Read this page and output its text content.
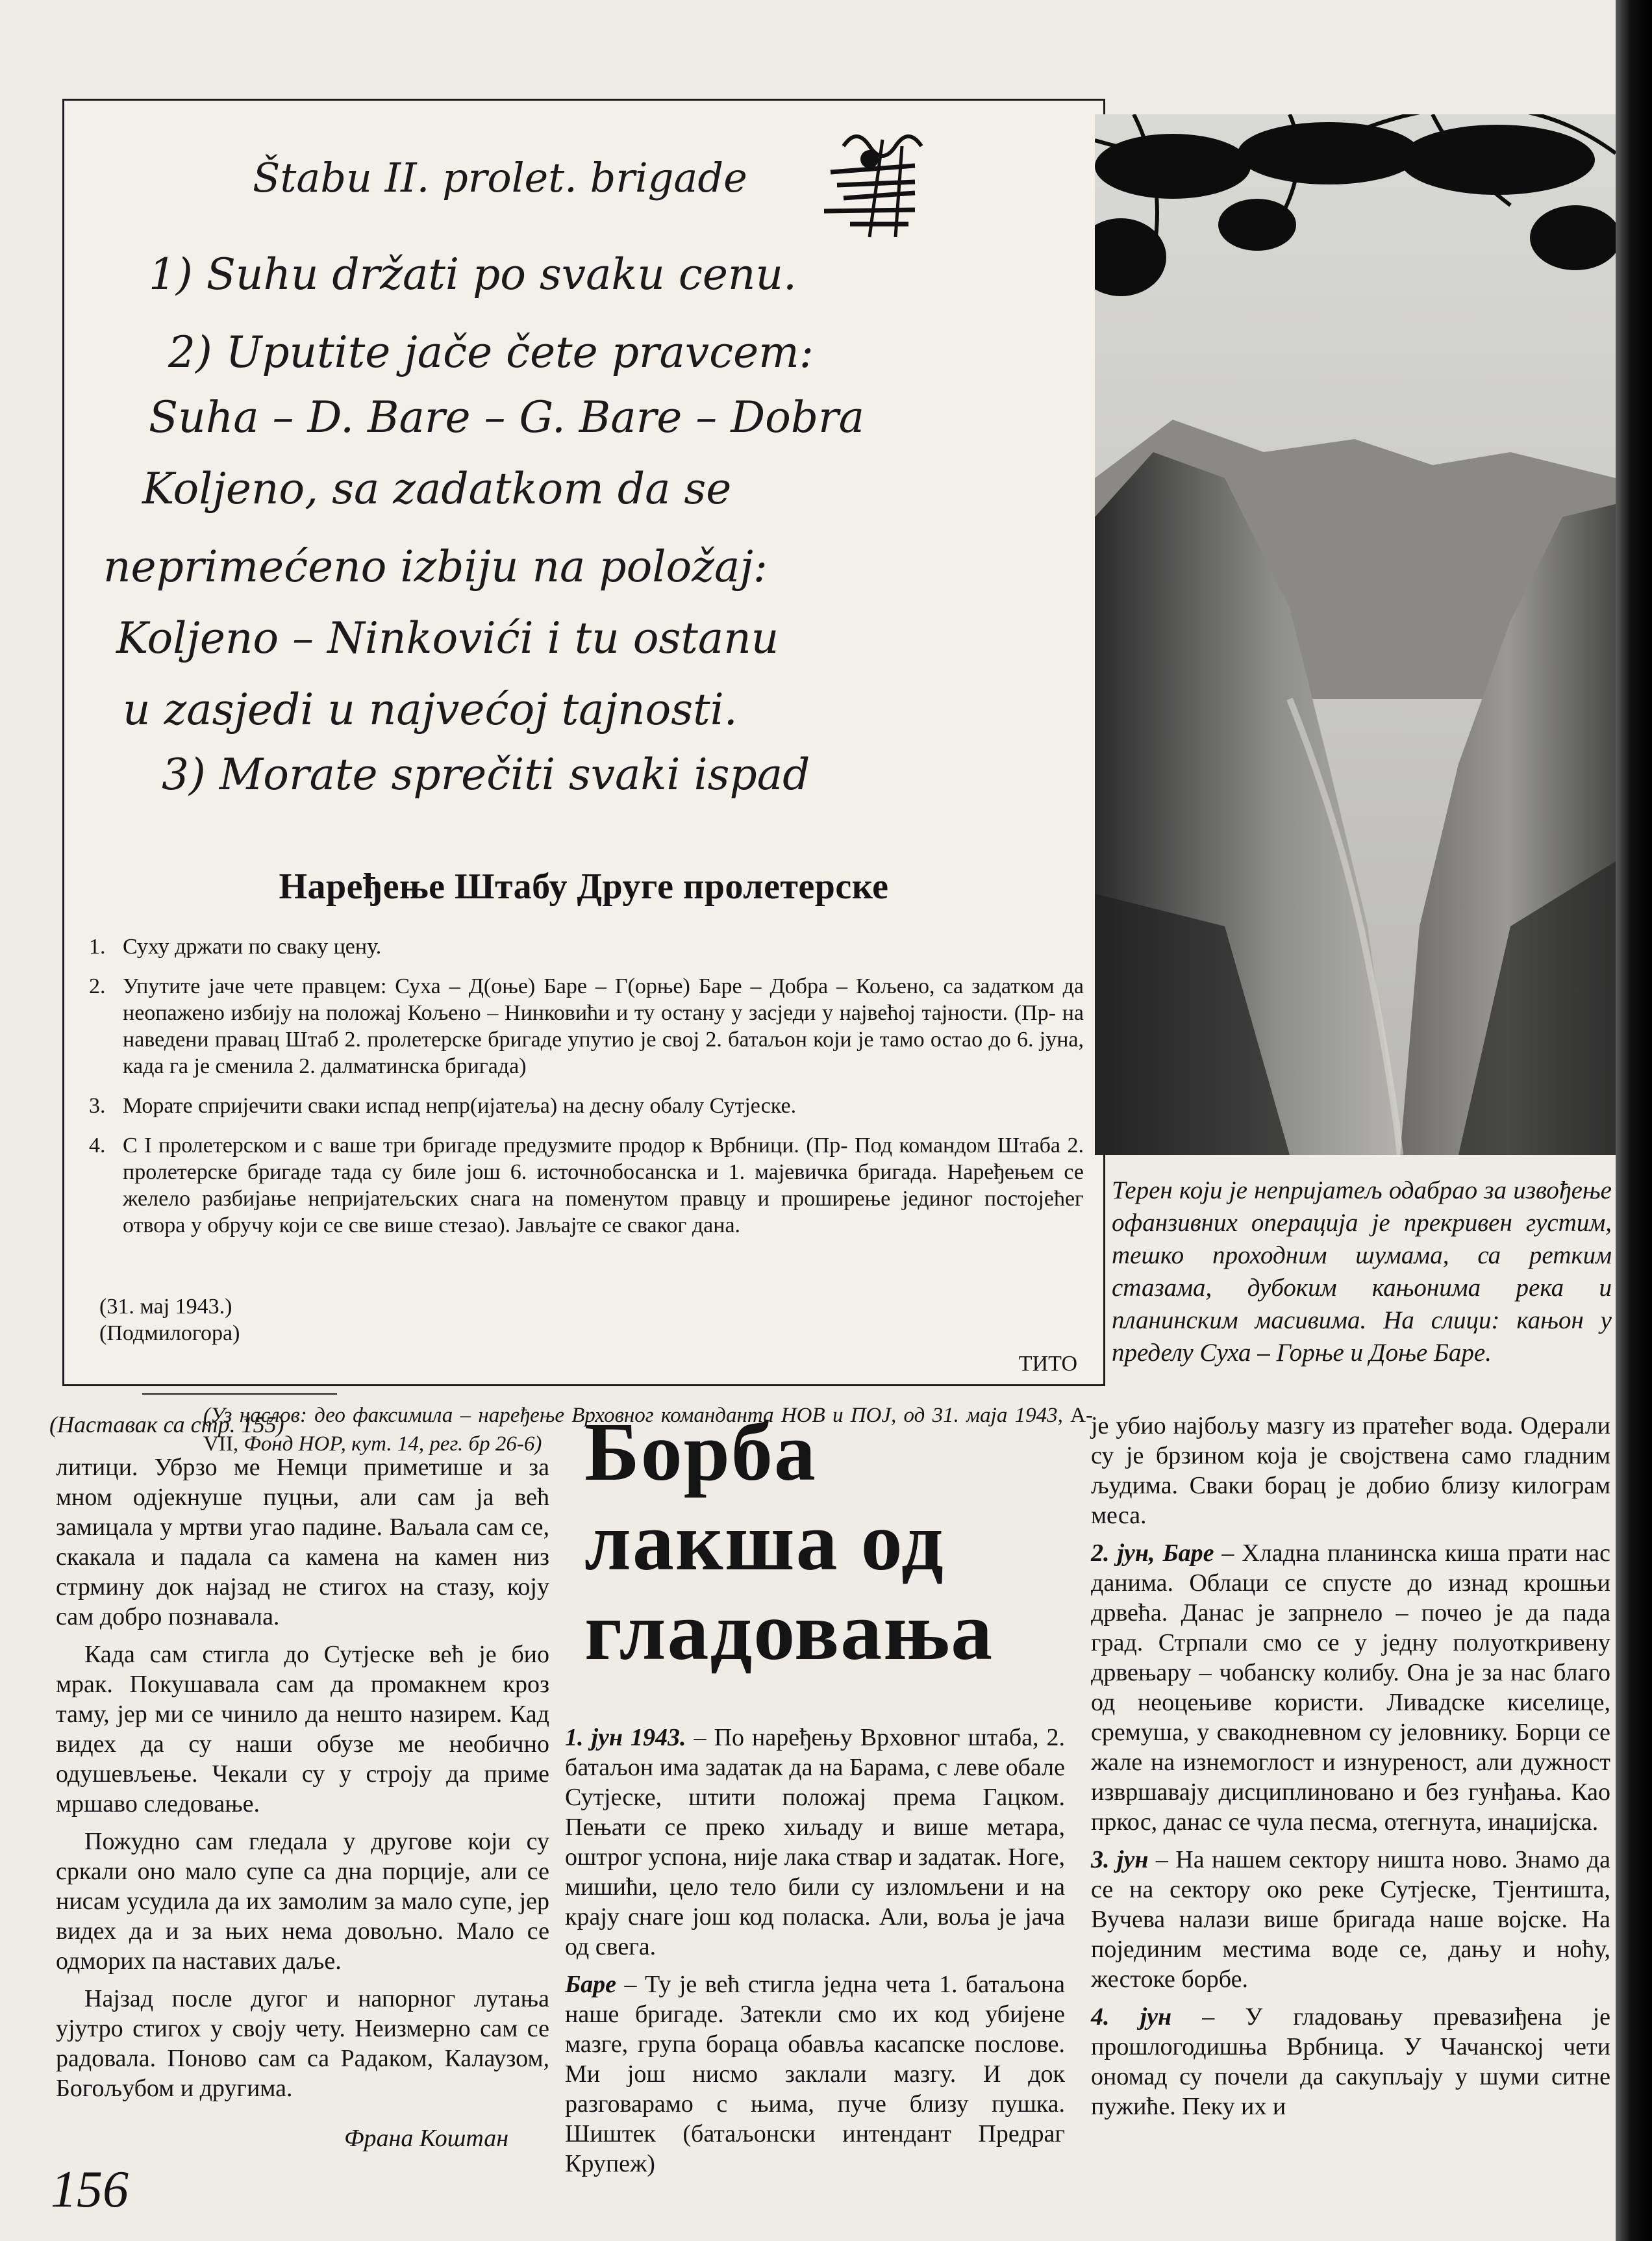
Štabu II. prolet. brigade
1) Suhu držati po svaku cenu.
2) Uputite jače čete pravcem:
Suha – D. Bare – G. Bare – Dobra
Kolјeno, sa zadatkom da se
neprimećeno izbiju na položaj:
Kolјeno – Ninkovići i tu ostanu
u zasjedi u najvećoj tajnosti.
3) Morate sprečiti svaki ispad
Наређење Штабу Друге пролетерске
1. Суху држати по сваку цену.
2. Упутите јаче чете правцем: Суха – Д(оње) Баре – Г(орње) Баре – Добра – Кољено, са задатком да неопажено избију на положај Кољено – Нинковићи и ту остану у засједи у највећој тајности. (Пр- на наведени правац Штаб 2. пролетерске бригаде упутио је свој 2. батаљон који је тамо остао до 6. јуна, када га је сменила 2. далматинска бригада)
3. Морате спријечити сваки испад непр(ијатеља) на десну обалу Сутјеске.
4. С I пролетерском и с ваше три бригаде предузмите продор к Врбници. (Пр- Под командом Штаба 2. пролетерске бригаде тада су биле још 6. источнобосанска и 1. мајевичка бригада. Наређењем се желело разбијање непријатељских снага на поменутом правцу и проширење јединог постојећег отвора у обручу који се све више стезао). Јављајте се сваког дана.
(31. мај 1943.)
(Подмилогора)
ТИТО
(Уз наслов: део факсимила – наређење Врховног команданта НОВ и ПОЈ, од 31. маја 1943, А-VII, Фонд НОР, кут. 14, рег. бр 26-6)
Терен који је непријатељ одабрао за извођење офанзивних операција је прекривен густим, тешко проходним шумама, са ретким стазама, дубоким кањонима река и планинским масивима. На слици: кањон у пределу Суха – Горње и Доње Баре.
(Наставак са стр. 155)

литици. Убрзо ме Немци приметише и за мном одјекнуше пуцњи, али сам ја већ замицала у мртви угао падине. Ваљала сам се, скакала и падала са камена на камен низ стрмину док најзад не стигох на стазу, коју сам добро познавала.

Када сам стигла до Сутјеске већ је био мрак. Покушавала сам да промакнем кроз таму, јер ми се чинило да нешто назирем. Кад видех да су наши обузе ме необично одушевљење. Чекали су у строју да приме мршаво следовање.

Пожудно сам гледала у другове који су сркали оно мало супе са дна порције, али се нисам усудила да их замолим за мало супе, јер видех да и за њих нема довољно. Мало се одморих па наставих даље.

Најзад после дугог и напорног лутања ујутро стигох у своју чету. Неизмерно сам се радовала. Поново сам са Радаком, Калаузом, Богољубом и другима.

Франа Коштан
156
Борба
лакша од
гладовања

1. јун 1943. – По наређењу Врховног штаба, 2. батаљон има задатак да на Барама, с леве обале Сутјеске, штити положај према Гацком. Пењати се преко хиљаду и више метара, оштрог успона, није лака ствар и задатак. Ноге, мишићи, цело тело били су изломљени и на крају снаге још код поласка. Али, воља је јача од свега.

Баре – Ту је већ стигла једна чета 1. батаљона наше бригаде. Затекли смо их код убијене мазге, група бораца обавља касапске послове. Ми још нисмо заклали мазгу. И док разговарамо с њима, пуче близу пушка. Шиштек (батаљонски интендант Предраг Крупеж)

је убио најбољу мазгу из пратећег вода. Одерали су је брзином која је својствена само гладним људима. Сваки борац је добио близу килограм меса.

2. јун, Баре – Хладна планинска киша прати нас данима. Облаци се спусте до изнад крошњи дрвећа. Данас је запрнело – почео је да пада град. Стрпали смо се у једну полуоткривену дрвењару – чобанску колибу. Она је за нас благо од неоцењиве користи. Ливадске киселице, сремуша, у свакодневном су јеловнику. Борци се жале на изнемоглост и изнуреност, али дужност извршавају дисциплиновано и без гунђања. Као пркос, данас се чула песма, отегнута, инаџијска.

3. јун – На нашем сектору ништа ново. Знамо да се на сектору око реке Сутјеске, Тјентишта, Вучева налази више бригада наше војске. На појединим местима воде се, дању и ноћу, жестоке борбе.

4. јун – У гладовању превазиђена је прошлогодишња Врбница. У Чачанској чети ономад су почели да сакупљају у шуми ситне пужиће. Пеку их и
